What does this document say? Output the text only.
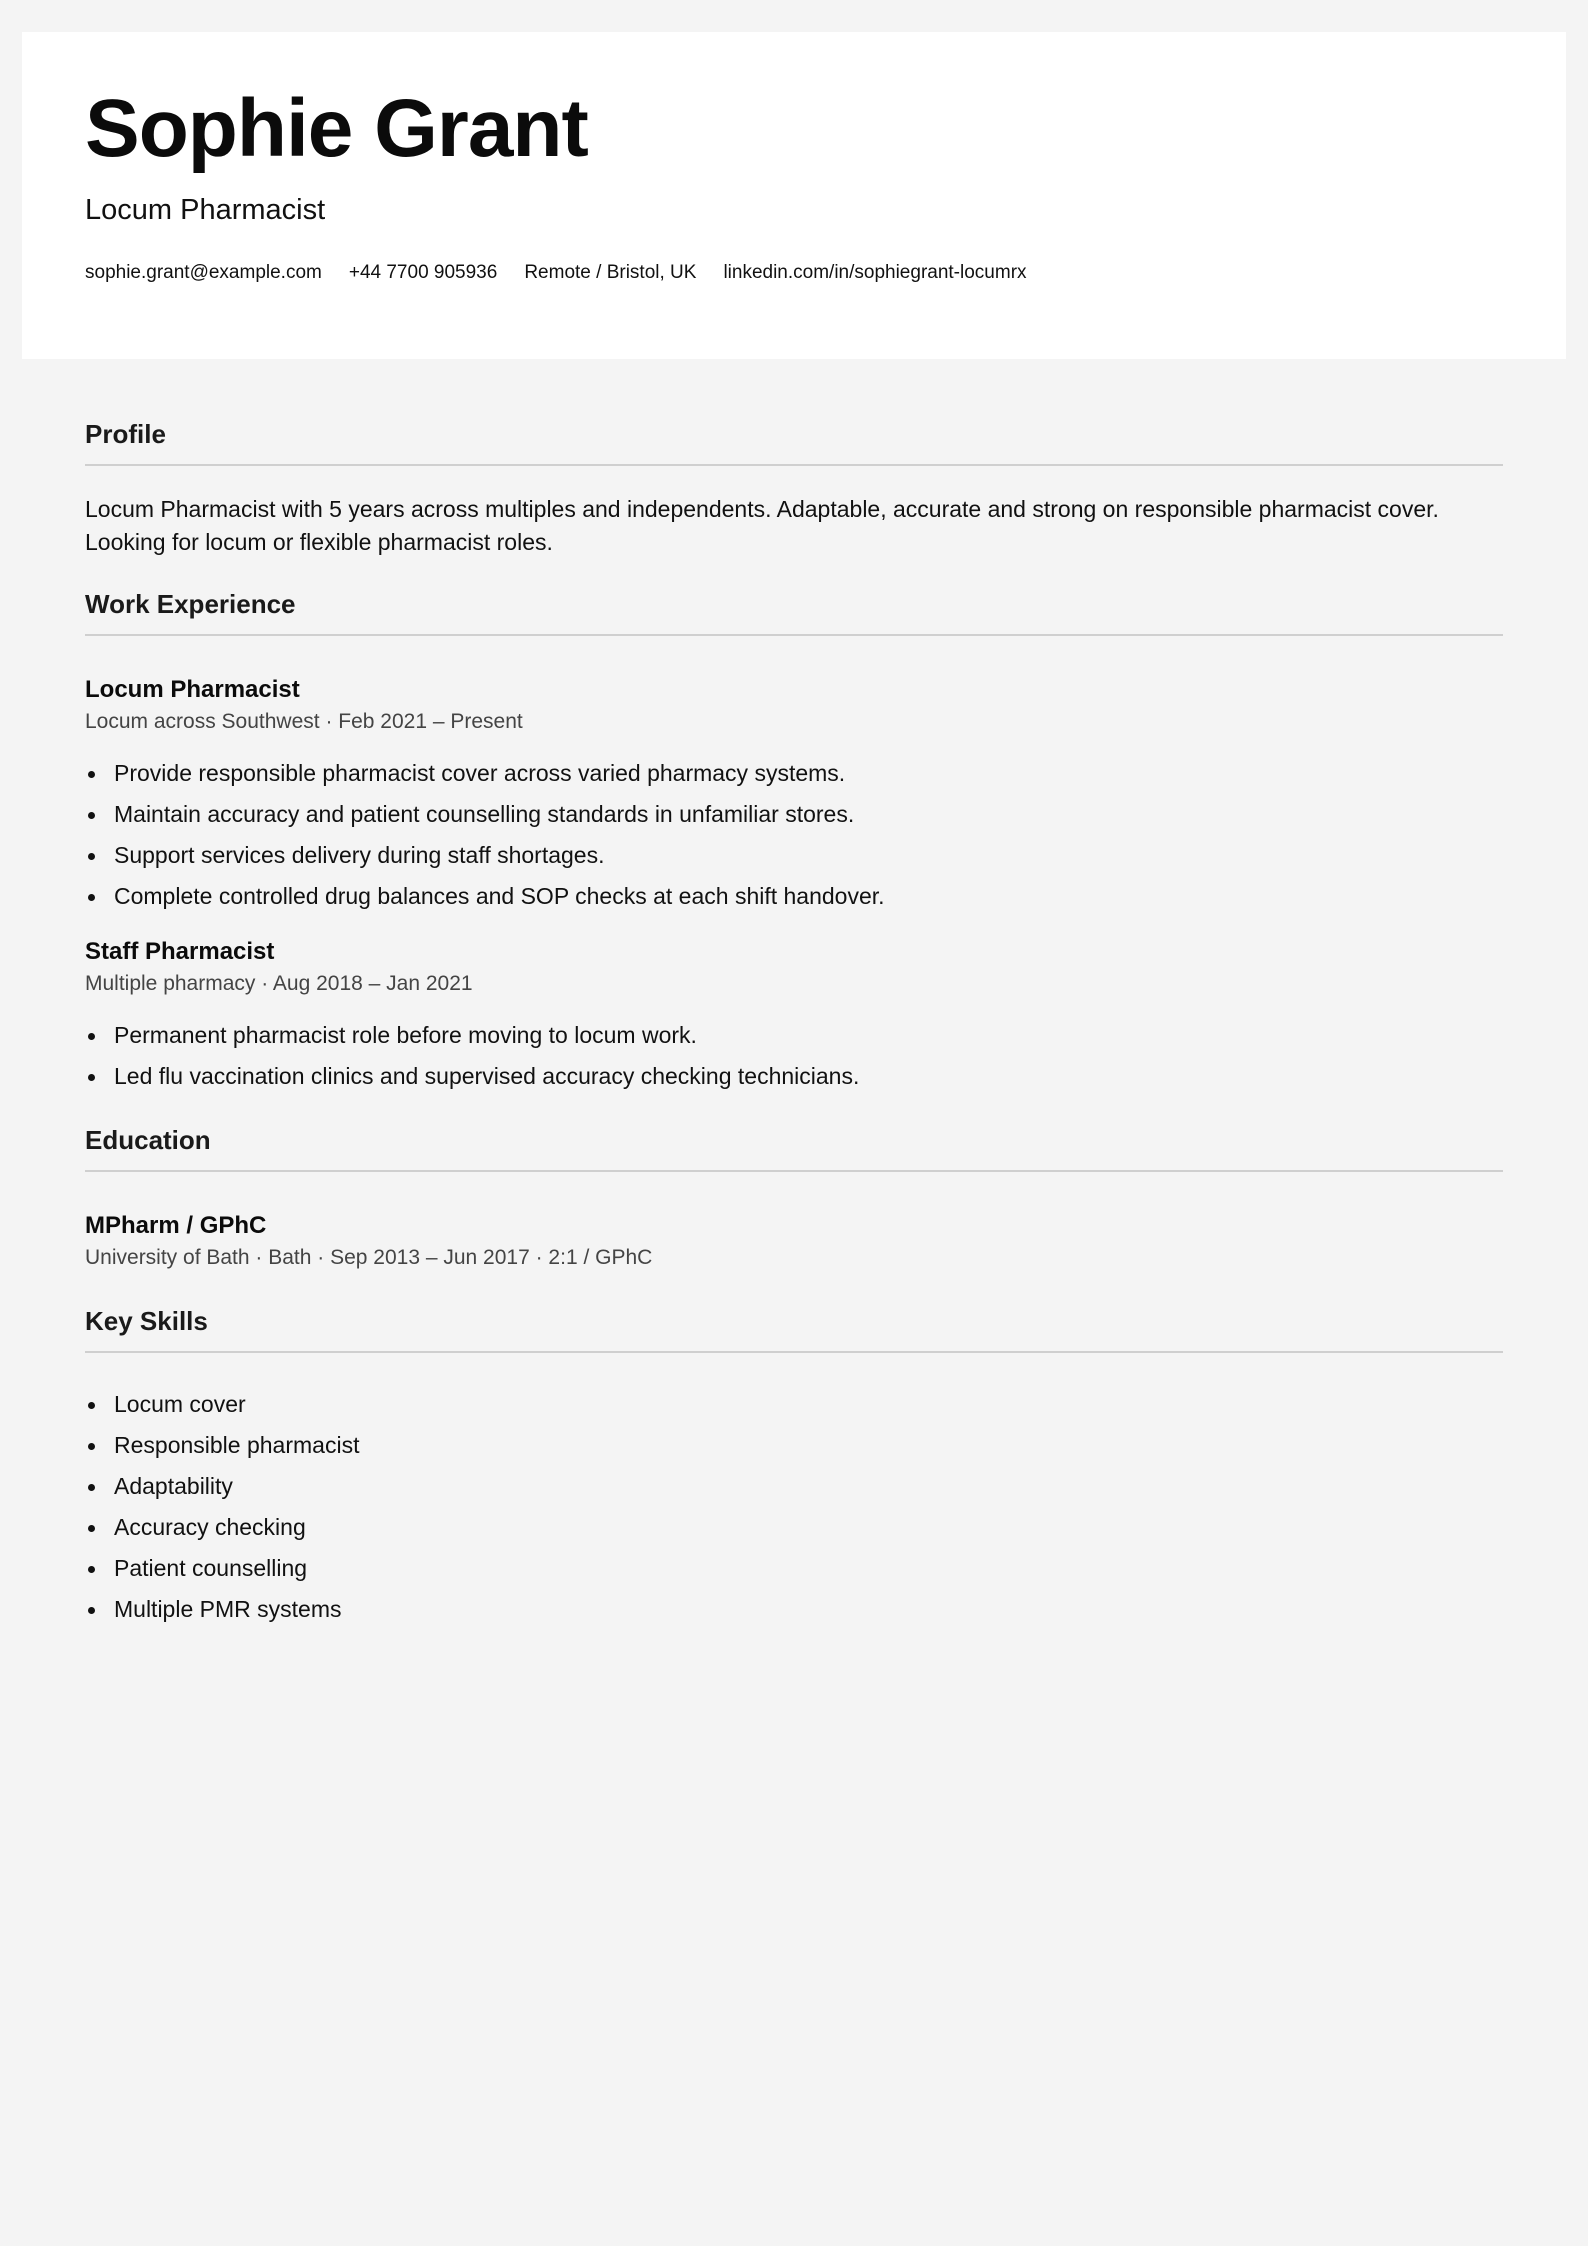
Sophie Grant
Locum Pharmacist
sophie.grant@example.com +44 7700 905936 Remote / Bristol, UK linkedin.com/in/sophiegrant-locumrx
Profile

Locum Pharmacist with 5 years across multiples and independents. Adaptable, accurate and strong on responsible pharmacist cover. Looking for locum or flexible pharmacist roles.

Work Experience
Locum Pharmacist
Locum across Southwest · Feb 2021 – Present
Provide responsible pharmacist cover across varied pharmacy systems.
Maintain accuracy and patient counselling standards in unfamiliar stores.
Support services delivery during staff shortages.
Complete controlled drug balances and SOP checks at each shift handover.
Staff Pharmacist
Multiple pharmacy · Aug 2018 – Jan 2021
Permanent pharmacist role before moving to locum work.
Led flu vaccination clinics and supervised accuracy checking technicians.
Education
MPharm / GPhC
University of Bath · Bath · Sep 2013 – Jun 2017 · 2:1 / GPhC
Key Skills
Locum cover
Responsible pharmacist
Adaptability
Accuracy checking
Patient counselling
Multiple PMR systems
